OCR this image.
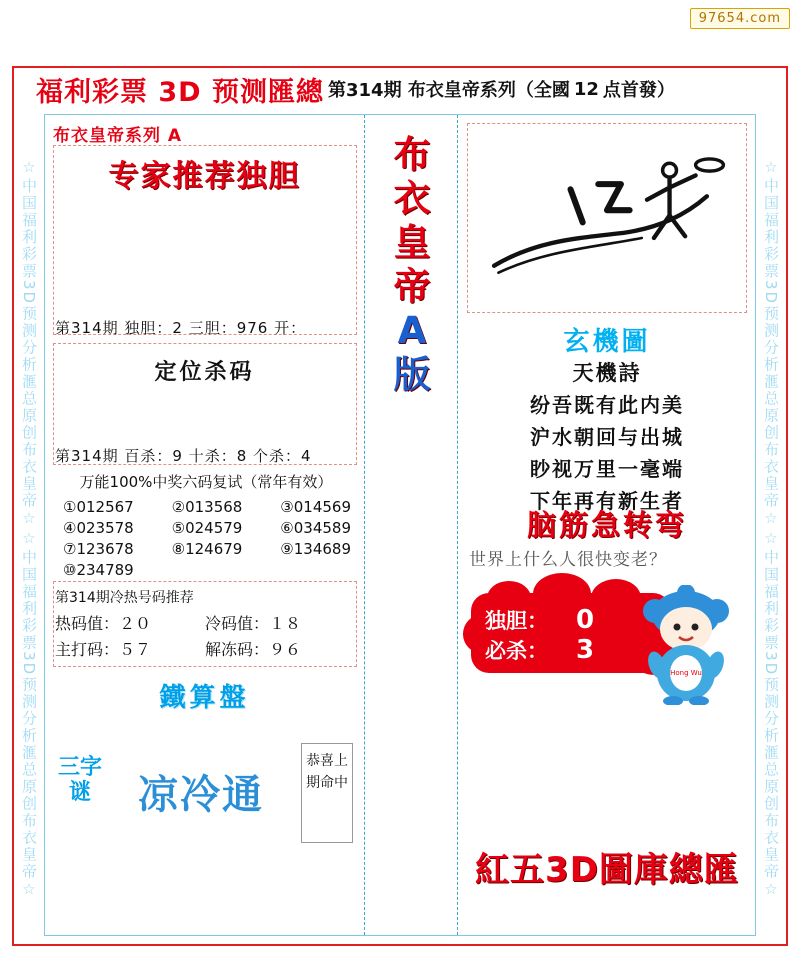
97654.com
福利彩票 3D 预测匯總 第314期 布衣皇帝系列（全國 12 点首發）
☆中国福利彩票3D预测分析滙总原创布衣皇帝☆☆中国福利彩票3D预测分析滙总原创布衣皇帝☆	☆中国福利彩票3D预测分析滙总原创布衣皇帝☆☆中国福利彩票3D预测分析滙总原创布衣皇帝☆
布衣皇帝系列 A
专家推荐独胆
第314期 独胆：2 三胆：976 开：
定位杀码
第314期 百杀：9 十杀：8 个杀：4
万能100%中奖六码复试（常年有效）
①012567	②013568	③014569
④023578	⑤024579	⑥034589
⑦123678	⑧124679	⑨134689
⑩234789
第314期冷热号码推荐
热码值：２０	冷码值：１８
主打码：５７	解冻码：９６
鐵算盤
三字谜	凉冷通
恭喜上期命中
布衣皇帝 A版
玄機圖
天機詩
纷吾既有此内美
沪水朝回与出城
眇视万里一毫端
下年再有新生者
脑筋急转弯
世界上什么人很快变老？
独胆： 0
必杀： 3
Hong Wu
紅五3D圖庫總匯
